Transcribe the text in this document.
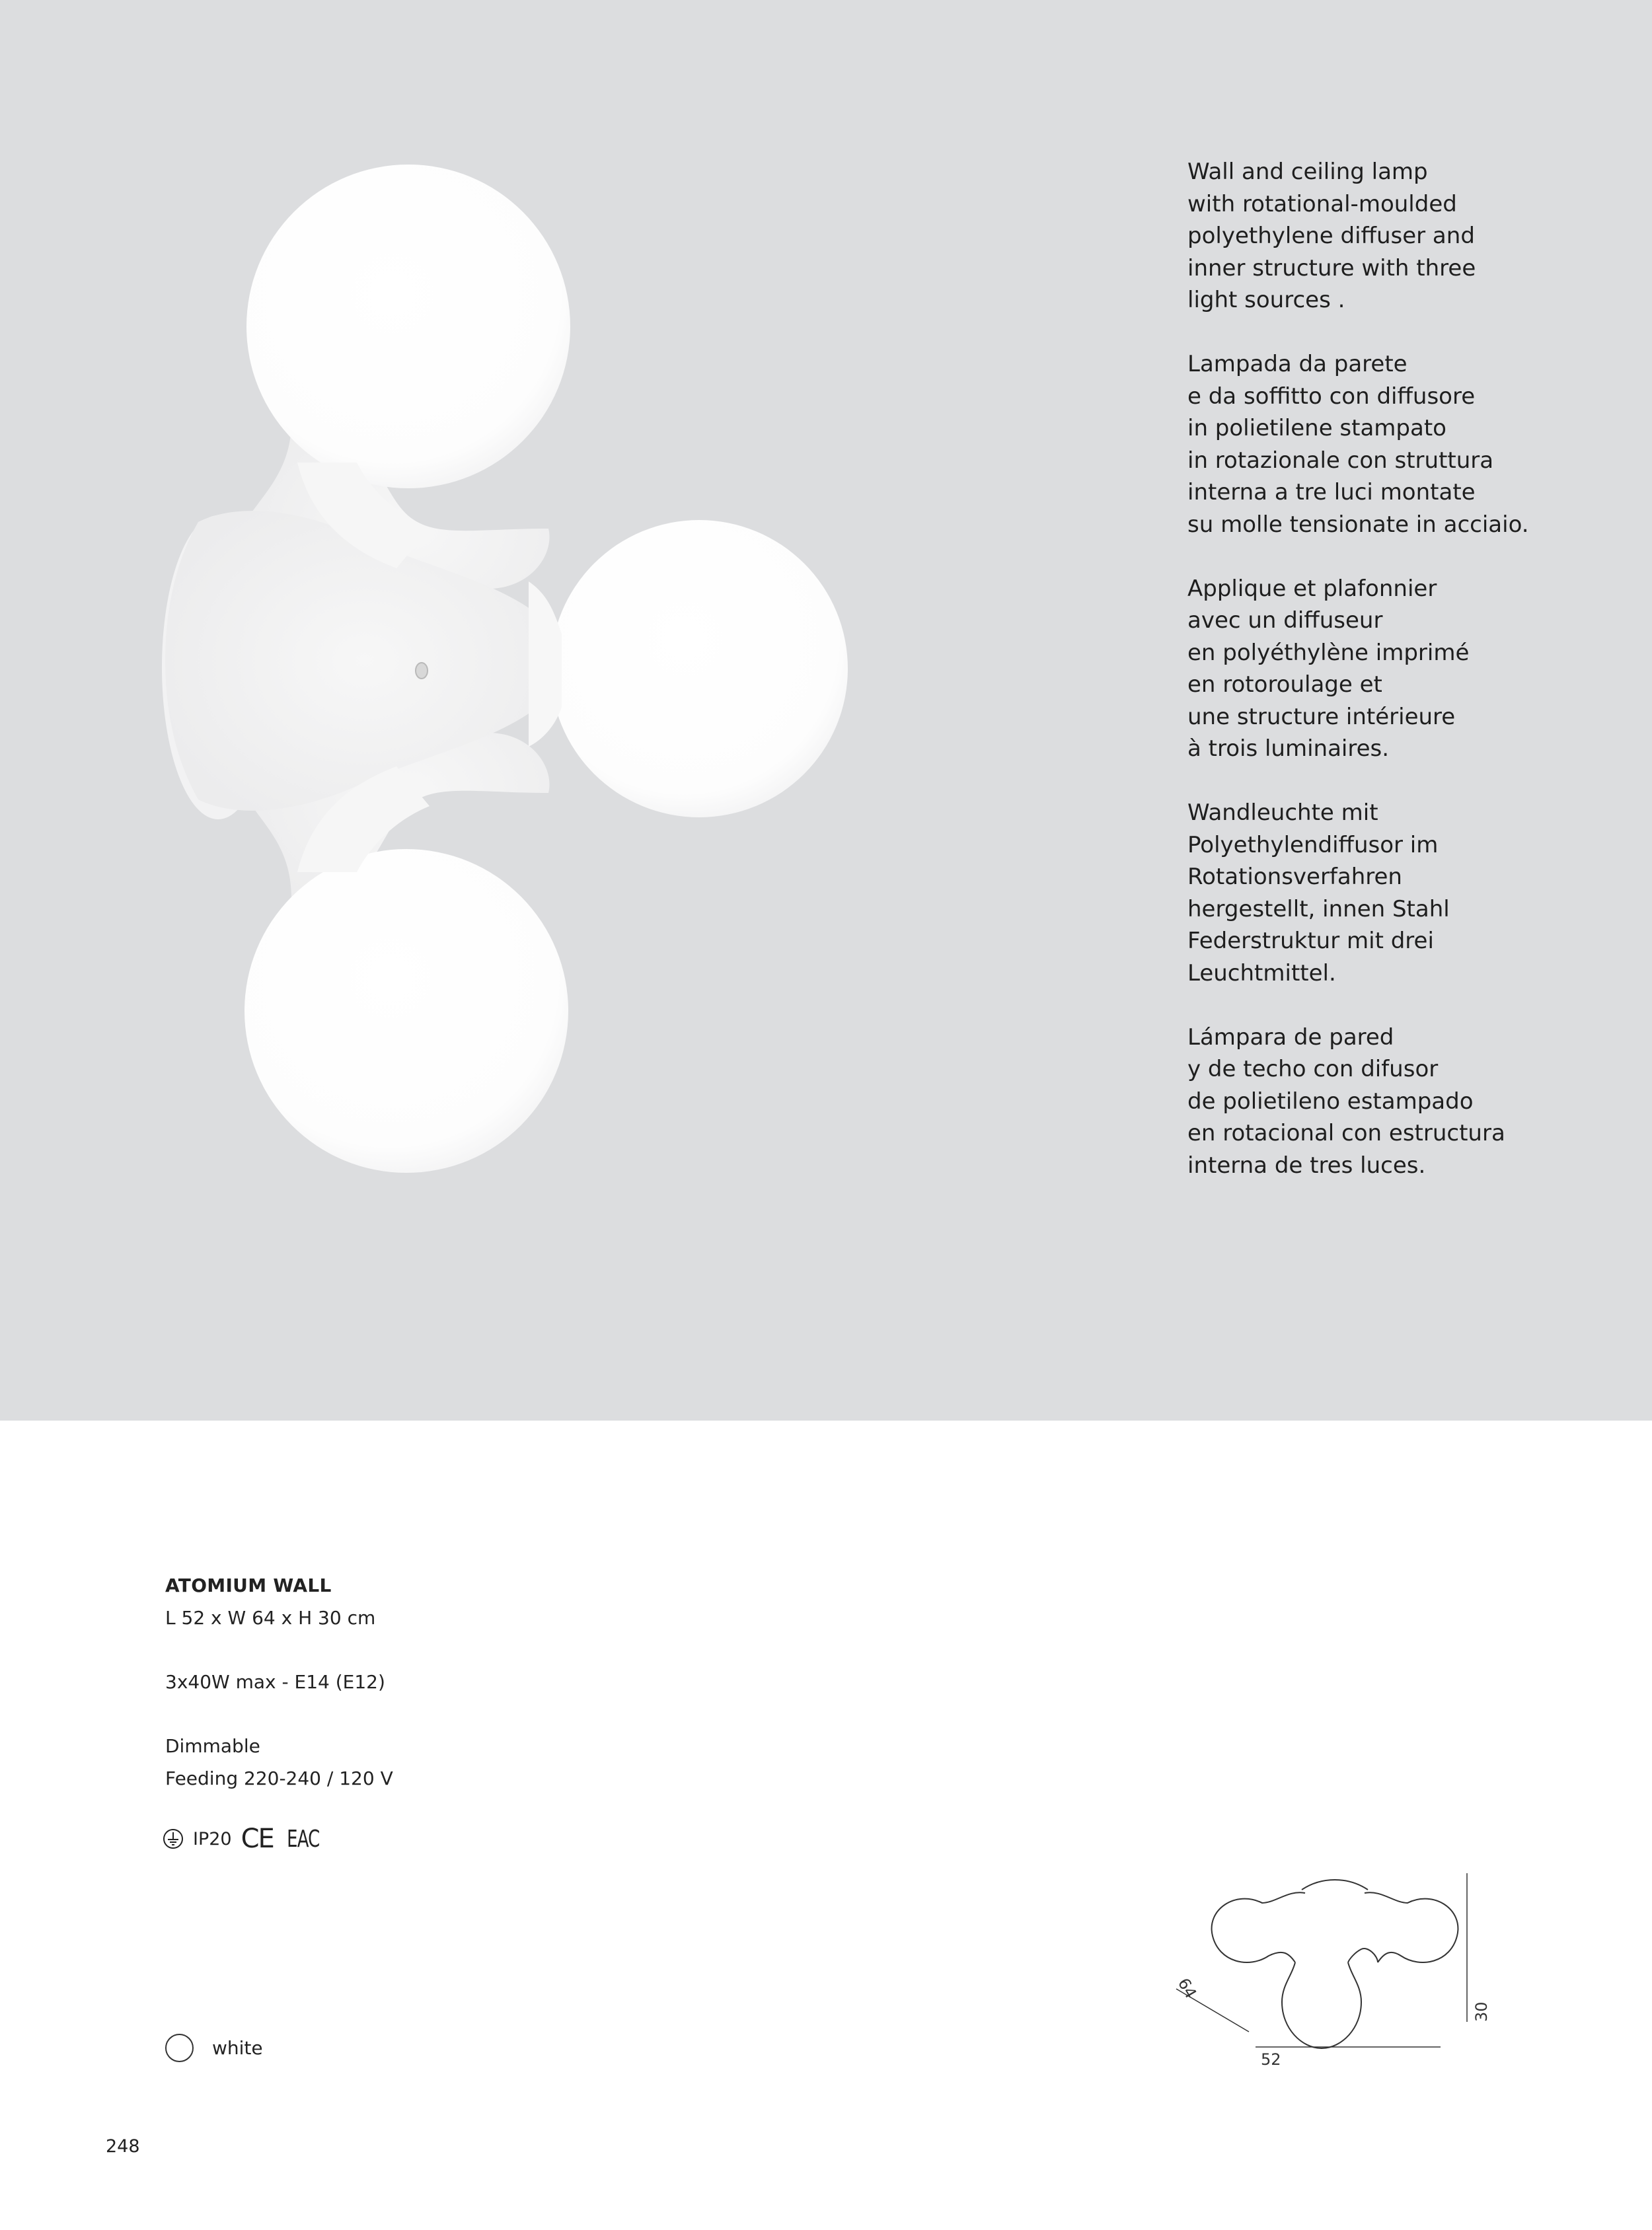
Wall and ceiling lamp
with rotational-moulded
polyethylene diffuser and
inner structure with three
light sources .

Lampada da parete
e da soffitto con diffusore
in polietilene stampato
in rotazionale con struttura
interna a tre luci montate
su molle tensionate in acciaio.

Applique et plafonnier
avec un diffuseur
en polyéthylène imprimé
en rotoroulage et
une structure intérieure
à trois luminaires.

Wandleuchte mit
Polyethylendiffusor im
Rotationsverfahren
hergestellt, innen Stahl
Federstruktur mit drei
Leuchtmittel.

Lámpara de pared
y de techo con difusor
de polietileno estampado
en rotacional con estructura
interna de tres luces.

ATOMIUM WALL
L 52 x W 64 x H 30 cm
3x40W max - E14 (E12)
Dimmable
Feeding 220-240 / 120 V
IP20 CE EAC
white
248
64
52
30
